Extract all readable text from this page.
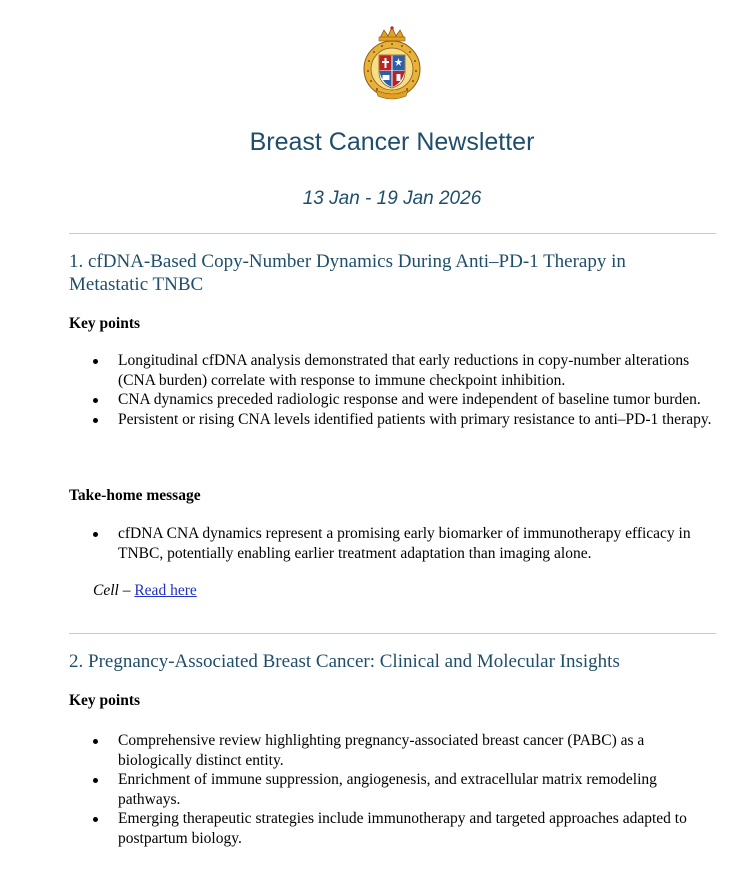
Breast Cancer Newsletter

13 Jan - 19 Jan 2026

1. cfDNA-Based Copy-Number Dynamics During Anti–PD-1 Therapy in Metastatic TNBC

Key points

Longitudinal cfDNA analysis demonstrated that early reductions in copy-number alterations (CNA burden) correlate with response to immune checkpoint inhibition.
CNA dynamics preceded radiologic response and were independent of baseline tumor burden.
Persistent or rising CNA levels identified patients with primary resistance to anti–PD-1 therapy.

Take-home message

cfDNA CNA dynamics represent a promising early biomarker of immunotherapy efficacy in TNBC, potentially enabling earlier treatment adaptation than imaging alone.

Cell – Read here

2. Pregnancy-Associated Breast Cancer: Clinical and Molecular Insights

Key points

Comprehensive review highlighting pregnancy-associated breast cancer (PABC) as a biologically distinct entity.
Enrichment of immune suppression, angiogenesis, and extracellular matrix remodeling pathways.
Emerging therapeutic strategies include immunotherapy and targeted approaches adapted to postpartum biology.
